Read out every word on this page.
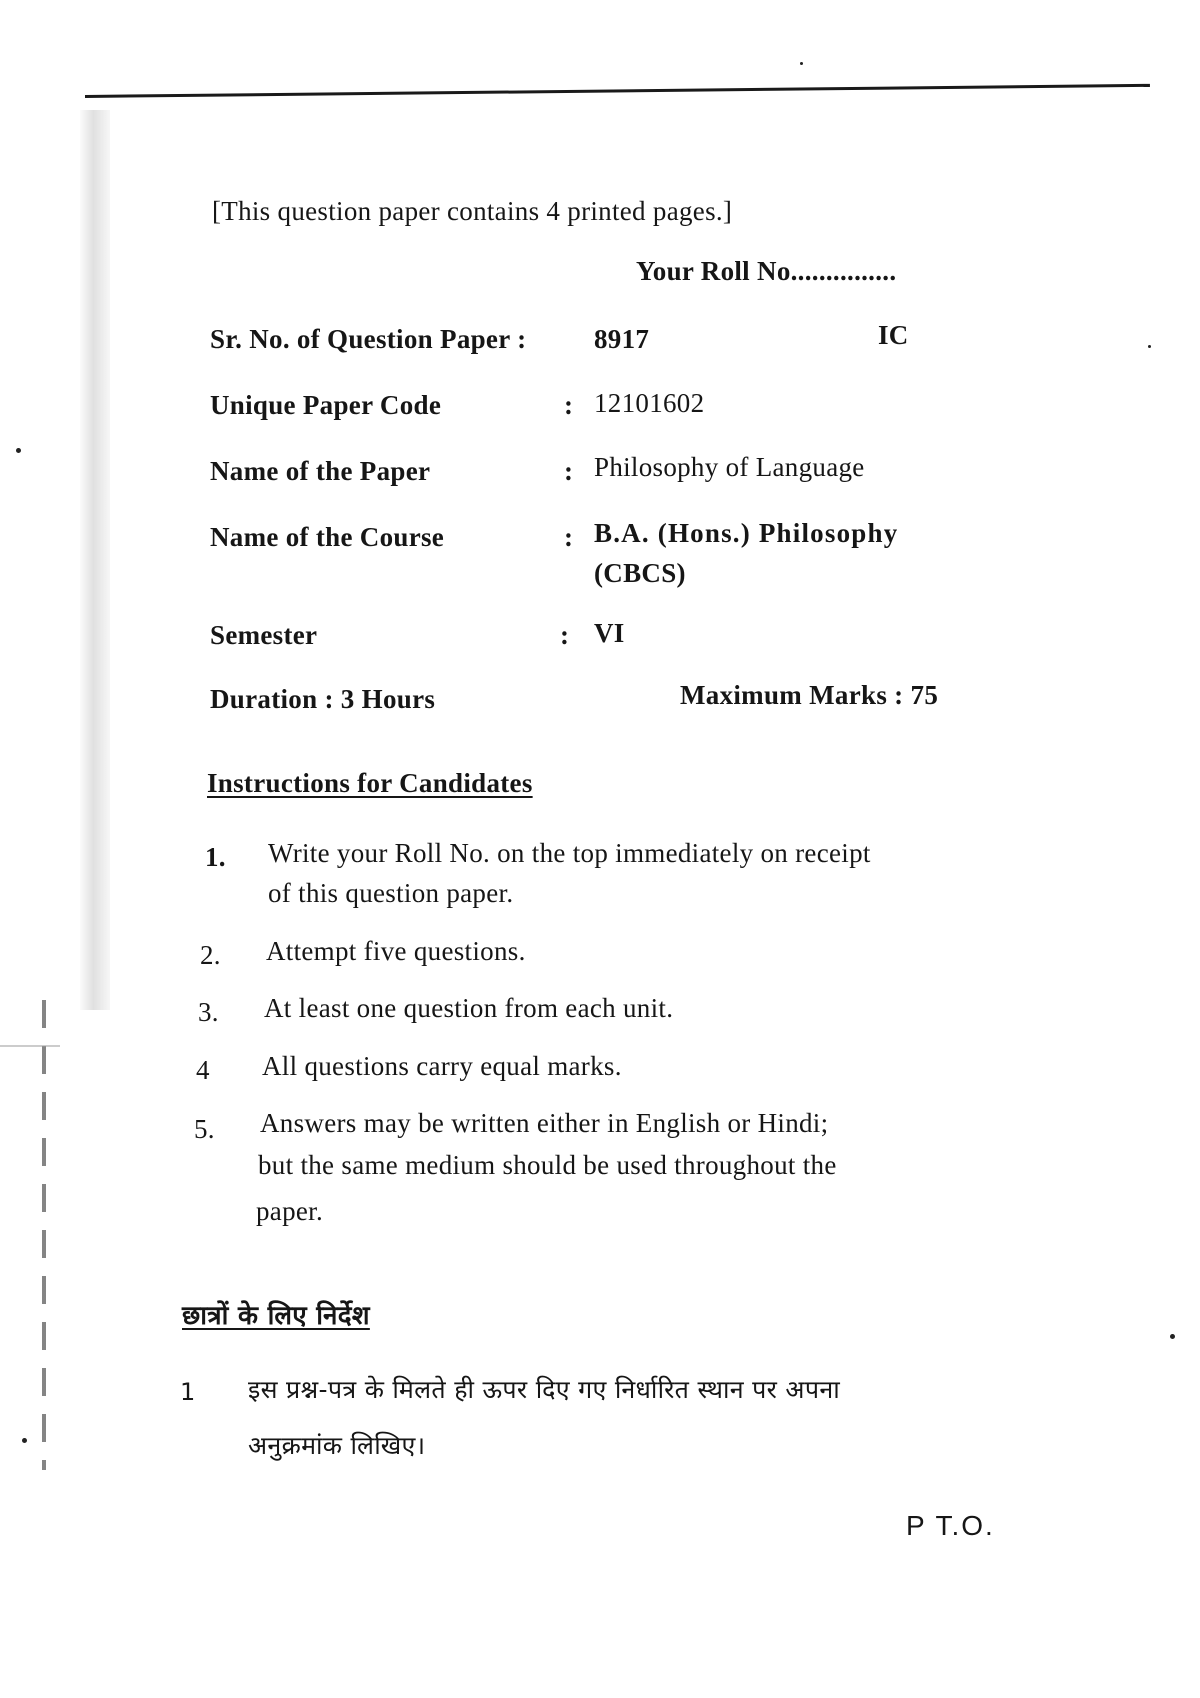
[This question paper contains 4 printed pages.]
Your Roll No...............
Sr. No. of Question Paper :	8917	IC
Unique Paper Code	: 12101602
Name of the Paper	: Philosophy of Language
Name of the Course	: B.A. (Hons.) Philosophy
(CBCS)
Semester	: VI
Duration : 3 Hours	Maximum Marks : 75
Instructions for Candidates
1. Write your Roll No. on the top immediately on receipt
of this question paper.
2. Attempt five questions.
3. At least one question from each unit.
4 All questions carry equal marks.
5. Answers may be written either in English or Hindi;
but the same medium should be used throughout the
paper.
छात्रों के लिए निर्देश
1 इस प्रश्न-पत्र के मिलते ही ऊपर दिए गए निर्धारित स्थान पर अपना
अनुक्रमांक लिखिए।
P T.O.
